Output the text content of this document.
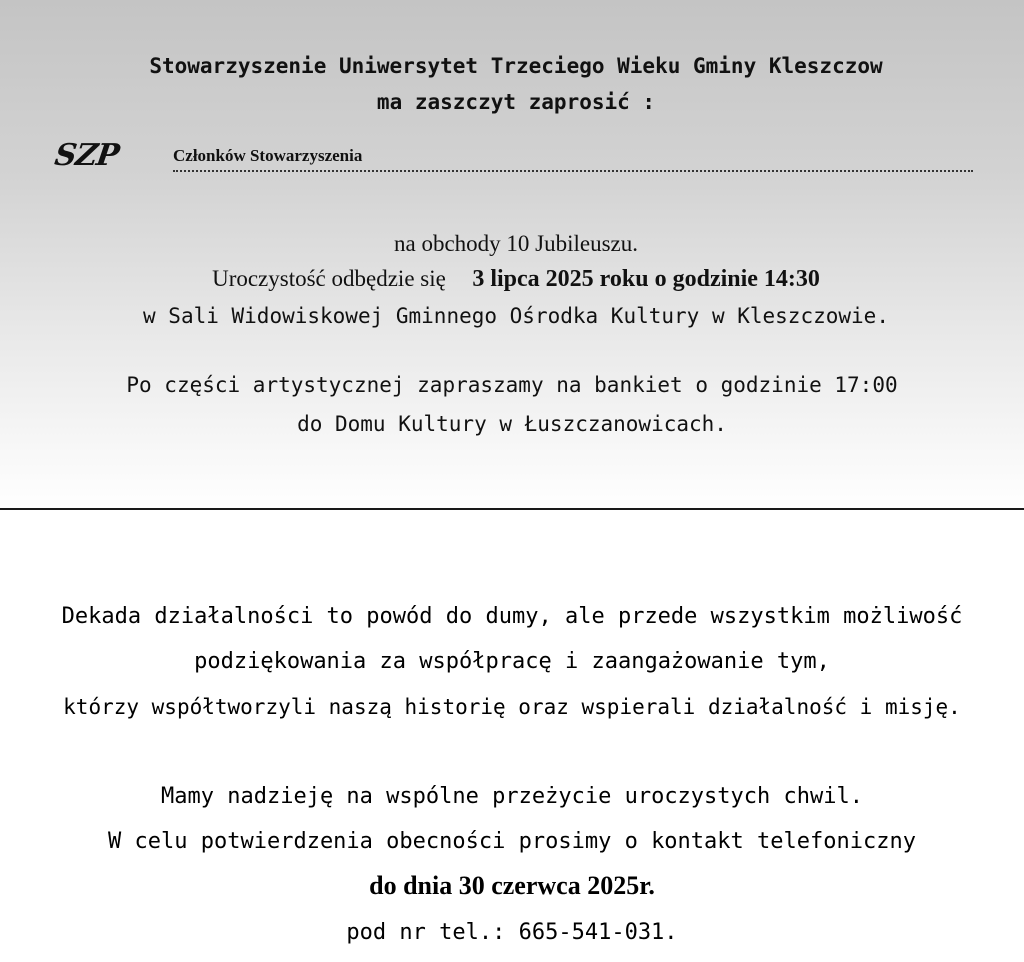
Stowarzyszenie Uniwersytet Trzeciego Wieku Gminy Kleszczow
ma zaszczyt zaprosić :
SZP	Członków Stowarzyszenia
na obchody 10 Jubileuszu.
Uroczystość odbędzie się 3 lipca 2025 roku o godzinie 14:30
w Sali Widowiskowej Gminnego Ośrodka Kultury w Kleszczowie.
Po części artystycznej zapraszamy na bankiet o godzinie 17:00
do Domu Kultury w Łuszczanowicach.
Dekada działalności to powód do dumy, ale przede wszystkim możliwość
podziękowania za współpracę i zaangażowanie tym,
którzy współtworzyli naszą historię oraz wspierali działalność i misję.
Mamy nadzieję na wspólne przeżycie uroczystych chwil.
W celu potwierdzenia obecności prosimy o kontakt telefoniczny
do dnia 30 czerwca 2025r.
pod nr tel.: 665-541-031.
